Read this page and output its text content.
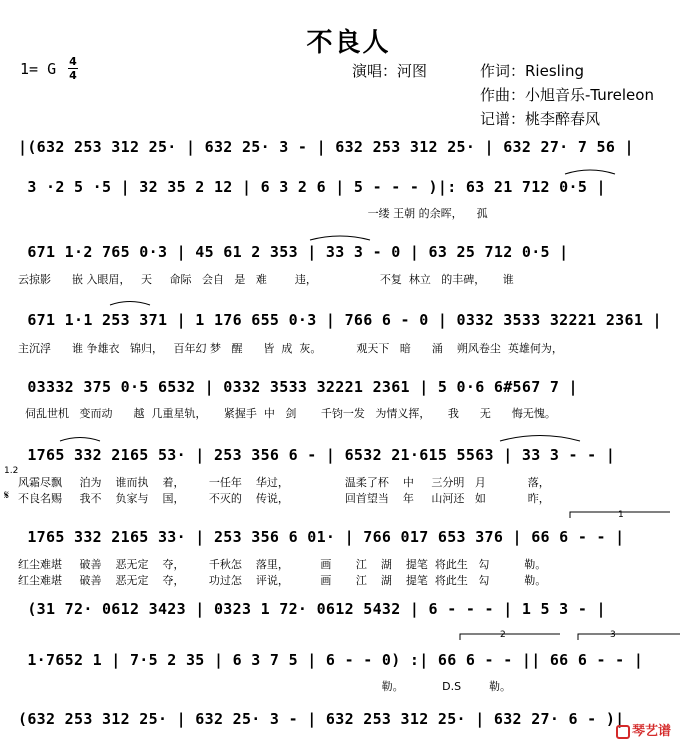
不良人
1= G 4
4	演唱：河图	作词：Riesling
作曲：小旭音乐-Tureleon
记谱：桃李醉春风
|(632 253 312 25· | 632 25· 3 - | 632 253 312 25· | 632 27· 7 56 |
3 ·2 5 ·5 | 32 35 2 12 | 6 3 2 6 | 5 - - - )|: 63 21 712 0·5 |
一缕 王朝 的余晖，    孤
671 1·2 765 0·3 | 45 61 2 353 | 33 3 - 0 | 63 25 712 0·5 |
云掠影      嵌 入眼眉，   天     命际   会自   是   难        违，                  不复  林立   的丰碑，     谁
671 1·1 253 371 | 1 176 655 0·3 | 766 6 - 0 | 0332 3533 32221 2361 |
主沉浮      谁 争雄衣   锦归，   百年幻 梦   醒      皆  成  灰。          观天下   暗      涌    朔风卷尘  英雄何为，
03332 375 0·5 6532 | 0332 3533 32221 2361 | 5 0·6 6#567 7 |
伺乱世机   变而动      越  几重星轨，     紧握手  中   剑       千钧一发   为情义挥，     我      无      悔无愧。
1765 332 2165 53· | 253 356 6 - | 6532 21·615 5563 | 33 3 - - |
1.2
风霜尽飘     泊为    谁而执    着，       一任年    华过，                温柔了杯    中     三分明   月            落，
不良名赐     我不    负家与    国，       不灭的    传说，                回首望当    年     山河还   如            昨，
𝄋
1765 332 2165 33· | 253 356 6 01· | 766 017 653 376 | 66 6 - - |
红尘难堪     破善    恶无定    夺，       千秋怎    落里，         画       江    湖    提笔  将此生   勾          勒。
红尘难堪     破善    恶无定    夺，       功过怎    评说，         画       江    湖    提笔  将此生   勾          勒。
(31 72· 0612 3423 | 0323 1 72· 0612 5432 | 6 - - - | 1 5 3 - |
1·7652 1 | 7·5 2 35 | 6 3 7 5 | 6 - - 0) :| 66 6 - - || 66 6 - - |
勒。           D.S        勒。
(632 253 312 25· | 632 25· 3 - | 632 253 312 25· | 632 27· 6 - )|
1
2	3
琴艺谱
